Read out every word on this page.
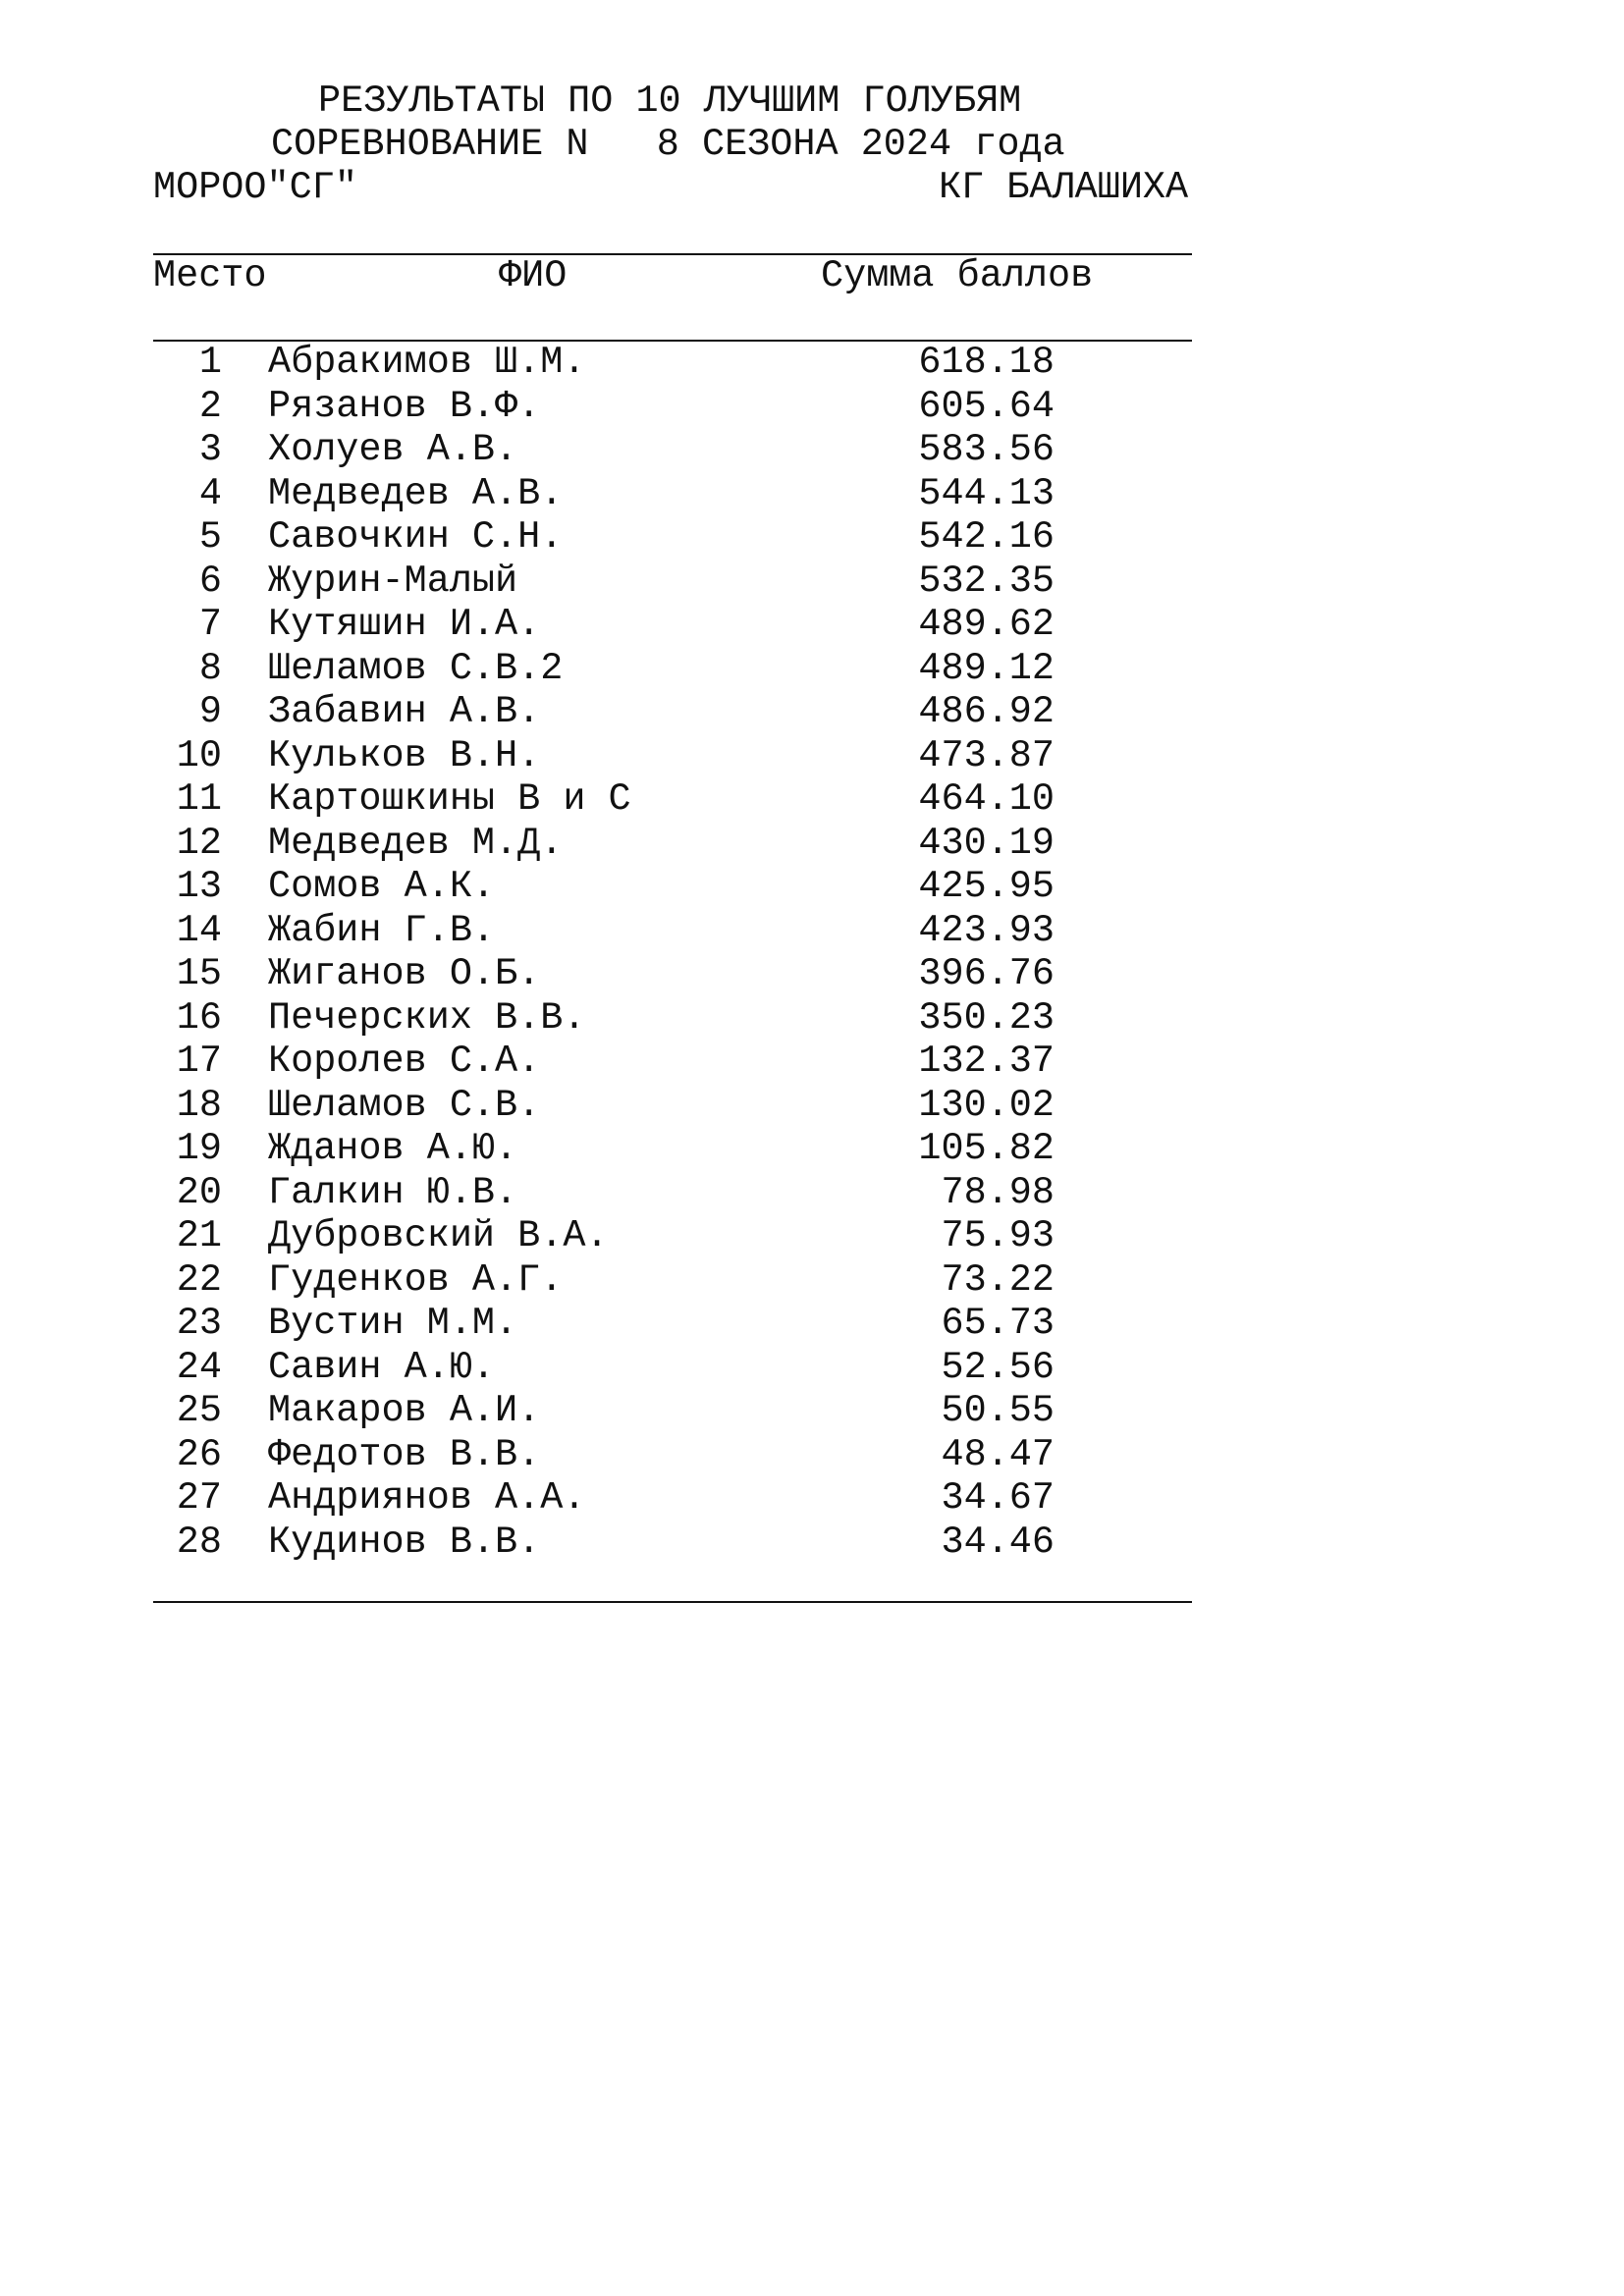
РЕЗУЛЬТАТЫ ПО 10 ЛУЧШИМ ГОЛУБЯМ
СОРЕВНОВАНИЕ N   8 СЕЗОНА 2024 года
МОРОО"СГ"	КГ БАЛАШИХА
Место	ФИО	Сумма баллов
1 Абракимов Ш.М.	618.18
2 Рязанов В.Ф.	605.64
3 Холуев А.В.	583.56
4 Медведев А.В.	544.13
5 Савочкин С.Н.	542.16
6 Журин-Малый	532.35
7 Кутяшин И.А.	489.62
8 Шеламов С.В.2	489.12
9 Забавин А.В.	486.92
10 Кульков В.Н.	473.87
11 Картошкины В и С	464.10
12 Медведев М.Д.	430.19
13 Сомов А.К.	425.95
14 Жабин Г.В.	423.93
15 Жиганов О.Б.	396.76
16 Печерских В.В.	350.23
17 Королев С.А.	132.37
18 Шеламов С.В.	130.02
19 Жданов А.Ю.	105.82
20 Галкин Ю.В.	78.98
21 Дубровский В.А.	75.93
22 Гуденков А.Г.	73.22
23 Вустин М.М.	65.73
24 Савин А.Ю.	52.56
25 Макаров А.И.	50.55
26 Федотов В.В.	48.47
27 Андриянов А.А.	34.67
28 Кудинов В.В.	34.46
